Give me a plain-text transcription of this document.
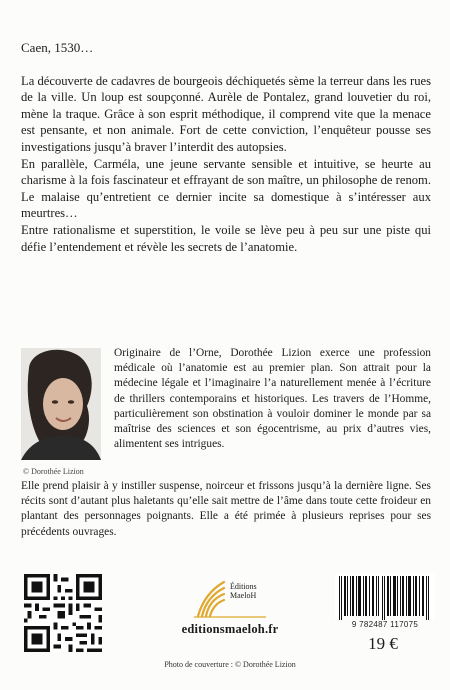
Caen, 1530…

La découverte de cadavres de bourgeois déchiquetés sème la terreur dans les rues de la ville. Un loup est soupçonné. Aurèle de Pontalez, grand louvetier du roi, mène la traque. Grâce à son esprit méthodique, il comprend vite que la menace est pensante, et non animale. Fort de cette conviction, l’enquêteur pousse ses investigations jusqu’à braver l’interdit des autopsies.

En parallèle, Carméla, une jeune servante sensible et intuitive, se heurte au charisme à la fois fascinateur et effrayant de son maître, un philosophe de renom. Le malaise qu’entretient ce dernier incite sa domestique à s’intéresser aux meurtres…

Entre rationalisme et superstition, le voile se lève peu à peu sur une piste qui défie l’entendement et révèle les secrets de l’anatomie.

© Dorothée Lizion

Originaire de l’Orne, Dorothée Lizion exerce une profession médicale où l’anatomie est au premier plan. Son attrait pour la médecine légale et l’imaginaire l’a naturellement menée à l’écriture de thrillers contemporains et historiques. Les travers de l’Homme, particulièrement son obstination à vouloir dominer le monde par sa maîtrise des sciences et son égocentrisme, au prix d’autres vies, alimentent ses intrigues.

Elle prend plaisir à y instiller suspense, noirceur et frissons jusqu’à la dernière ligne. Ses récits sont d’autant plus haletants qu’elle sait mettre de l’âme dans toute cette froideur en plantant des personnages poignants. Elle a été primée à plusieurs reprises pour ses précédents ouvrages.

Éditions
MaeloH
editionsmaeloh.fr
Photo de couverture : © Dorothée Lizion
9 782487 117075
19 €
